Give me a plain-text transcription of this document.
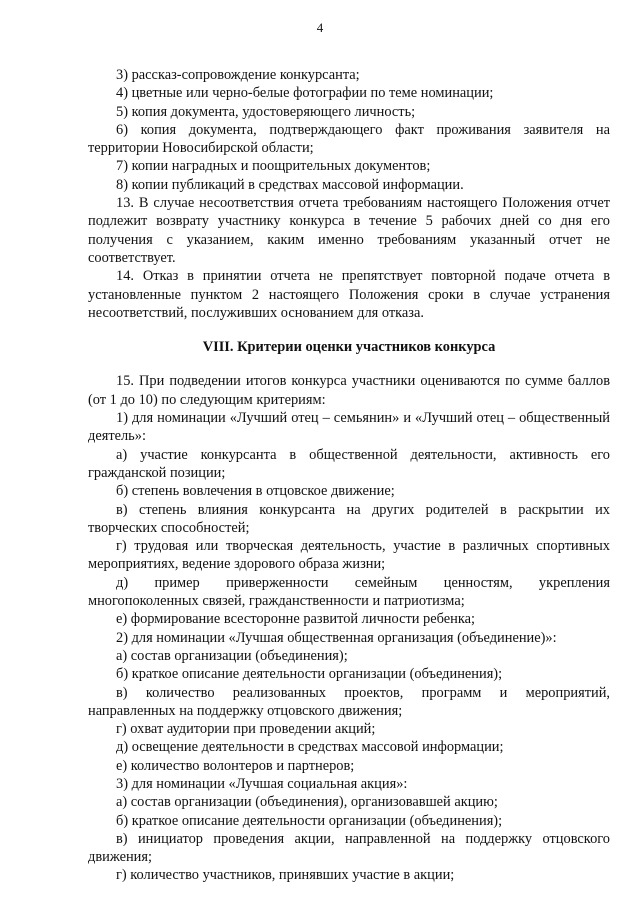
4

3) рассказ-сопровождение конкурсанта;

4) цветные или черно-белые фотографии по теме номинации;

5) копия документа, удостоверяющего личность;

6) копия документа, подтверждающего факт проживания заявителя на территории Новосибирской области;

7) копии наградных и поощрительных документов;

8) копии публикаций в средствах массовой информации.

13. В случае несоответствия отчета требованиям настоящего Положения отчет подлежит возврату участнику конкурса в течение 5 рабочих дней со дня его получения с указанием, каким именно требованиям указанный отчет не соответствует.

14. Отказ в принятии отчета не препятствует повторной подаче отчета в установленные пунктом 2 настоящего Положения сроки в случае устранения несоответствий, послуживших основанием для отказа.

VIII. Критерии оценки участников конкурса

15. При подведении итогов конкурса участники оцениваются по сумме баллов (от 1 до 10) по следующим критериям:

1) для номинации «Лучший отец – семьянин» и «Лучший отец – общественный деятель»:

а) участие конкурсанта в общественной деятельности, активность его гражданской позиции;

б) степень вовлечения в отцовское движение;

в) степень влияния конкурсанта на других родителей в раскрытии их творческих способностей;

г) трудовая или творческая деятельность, участие в различных спортивных мероприятиях, ведение здорового образа жизни;

д) пример приверженности семейным ценностям, укрепления многопоколенных связей, гражданственности и патриотизма;

е) формирование всесторонне развитой личности ребенка;

2) для номинации «Лучшая общественная организация (объединение)»:

а) состав организации (объединения);

б) краткое описание деятельности организации (объединения);

в) количество реализованных проектов, программ и мероприятий, направленных на поддержку отцовского движения;

г) охват аудитории при проведении акций;

д) освещение деятельности в средствах массовой информации;

е) количество волонтеров и партнеров;

3) для номинации «Лучшая социальная акция»:

а) состав организации (объединения), организовавшей акцию;

б) краткое описание деятельности организации (объединения);

в) инициатор проведения акции, направленной на поддержку отцовского движения;

г) количество участников, принявших участие в акции;
